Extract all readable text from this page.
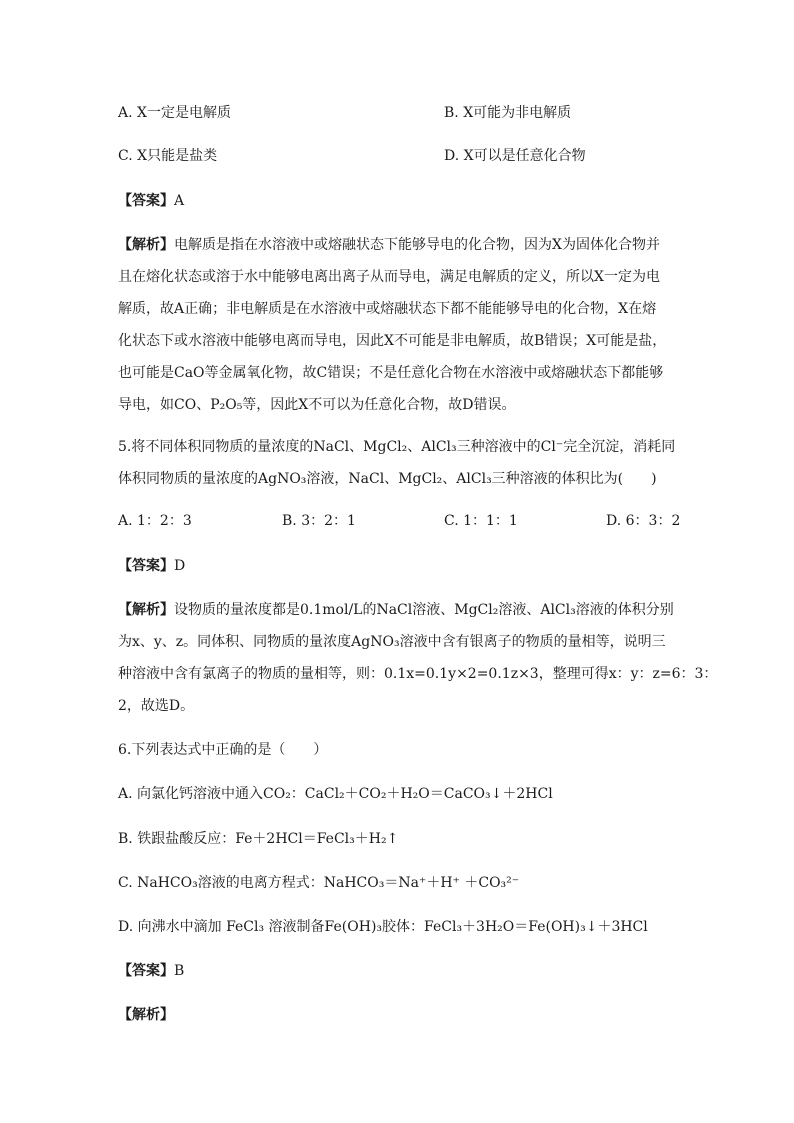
A. X一定是电解质	B. X可能为非电解质
C. X只能是盐类	D. X可以是任意化合物
【答案】A
【解析】电解质是指在水溶液中或熔融状态下能够导电的化合物，因为X为固体化合物并
且在熔化状态或溶于水中能够电离出离子从而导电，满足电解质的定义，所以X一定为电
解质，故A正确；非电解质是在水溶液中或熔融状态下都不能能够导电的化合物，X在熔
化状态下或水溶液中能够电离而导电，因此X不可能是非电解质，故B错误；X可能是盐，
也可能是CaO等金属氧化物，故C错误；不是任意化合物在水溶液中或熔融状态下都能够
导电，如CO、P₂O₅等，因此X不可以为任意化合物，故D错误。
5.将不同体积同物质的量浓度的NaCl、MgCl₂、AlCl₃三种溶液中的Cl⁻完全沉淀，消耗同
体积同物质的量浓度的AgNO₃溶液，NaCl、MgCl₂、AlCl₃三种溶液的体积比为(　　)
A. 1：2：3	B. 3：2：1	C. 1：1：1	D. 6：3：2
【答案】D
【解析】设物质的量浓度都是0.1mol/L的NaCl溶液、MgCl₂溶液、AlCl₃溶液的体积分别
为x、y、z。同体积、同物质的量浓度AgNO₃溶液中含有银离子的物质的量相等，说明三
种溶液中含有氯离子的物质的量相等，则：0.1x=0.1y×2=0.1z×3，整理可得x：y：z=6：3：
2，故选D。
6.下列表达式中正确的是（　　）
A. 向氯化钙溶液中通入CO₂：CaCl₂＋CO₂＋H₂O＝CaCO₃↓＋2HCl
B. 铁跟盐酸反应：Fe＋2HCl＝FeCl₃＋H₂↑
C. NaHCO₃溶液的电离方程式：NaHCO₃＝Na⁺＋H⁺ ＋CO₃²⁻
D. 向沸水中滴加 FeCl₃ 溶液制备Fe(OH)₃胶体：FeCl₃＋3H₂O＝Fe(OH)₃↓＋3HCl
【答案】B
【解析】
